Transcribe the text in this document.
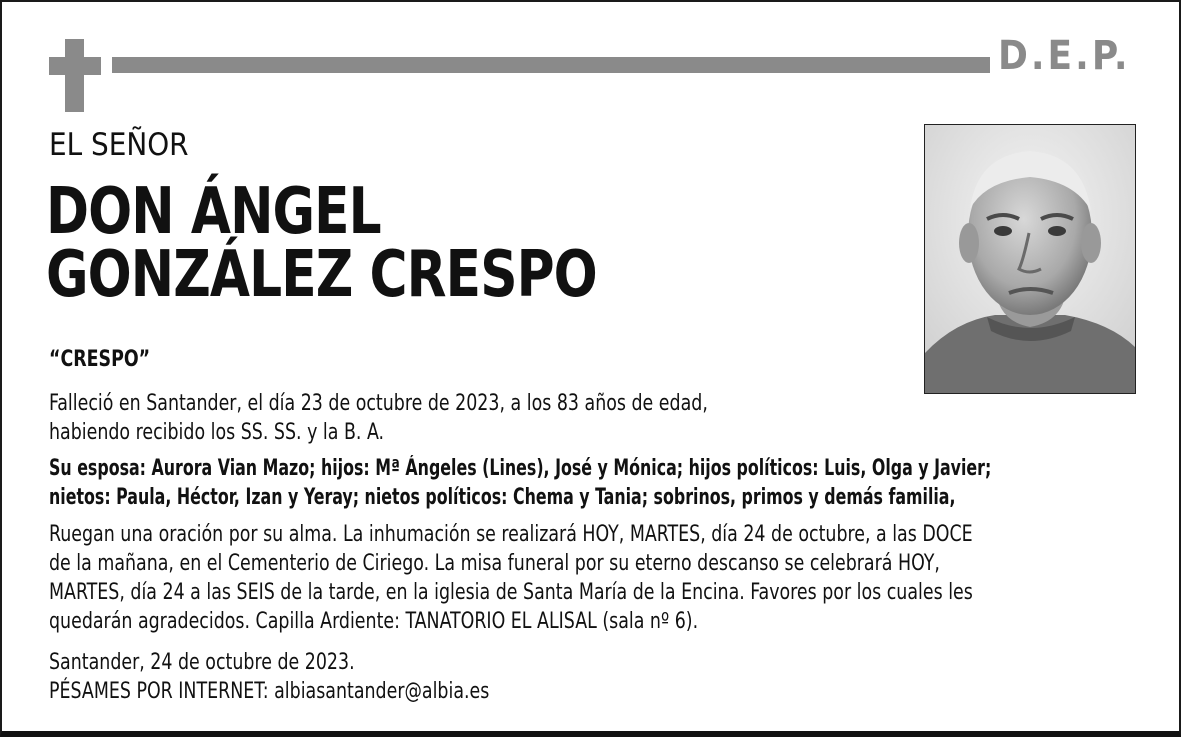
D.E.P.
EL SEÑOR
DON ÁNGEL
GONZÁLEZ CRESPO
“CRESPO”
Falleció en Santander, el día 23 de octubre de 2023, a los 83 años de edad,
habiendo recibido los SS. SS. y la B. A.
Su esposa: Aurora Vian Mazo; hijos: Mª Ángeles (Lines), José y Mónica; hijos políticos: Luis, Olga y Javier;
nietos: Paula, Héctor, Izan y Yeray; nietos políticos: Chema y Tania; sobrinos, primos y demás familia,
Ruegan una oración por su alma. La inhumación se realizará HOY, MARTES, día 24 de octubre, a las DOCE
de la mañana, en el Cementerio de Ciriego. La misa funeral por su eterno descanso se celebrará HOY,
MARTES, día 24 a las SEIS de la tarde, en la iglesia de Santa María de la Encina. Favores por los cuales les
quedarán agradecidos. Capilla Ardiente: TANATORIO EL ALISAL (sala nº 6).
Santander, 24 de octubre de 2023.
PÉSAMES POR INTERNET: albiasantander@albia.es
